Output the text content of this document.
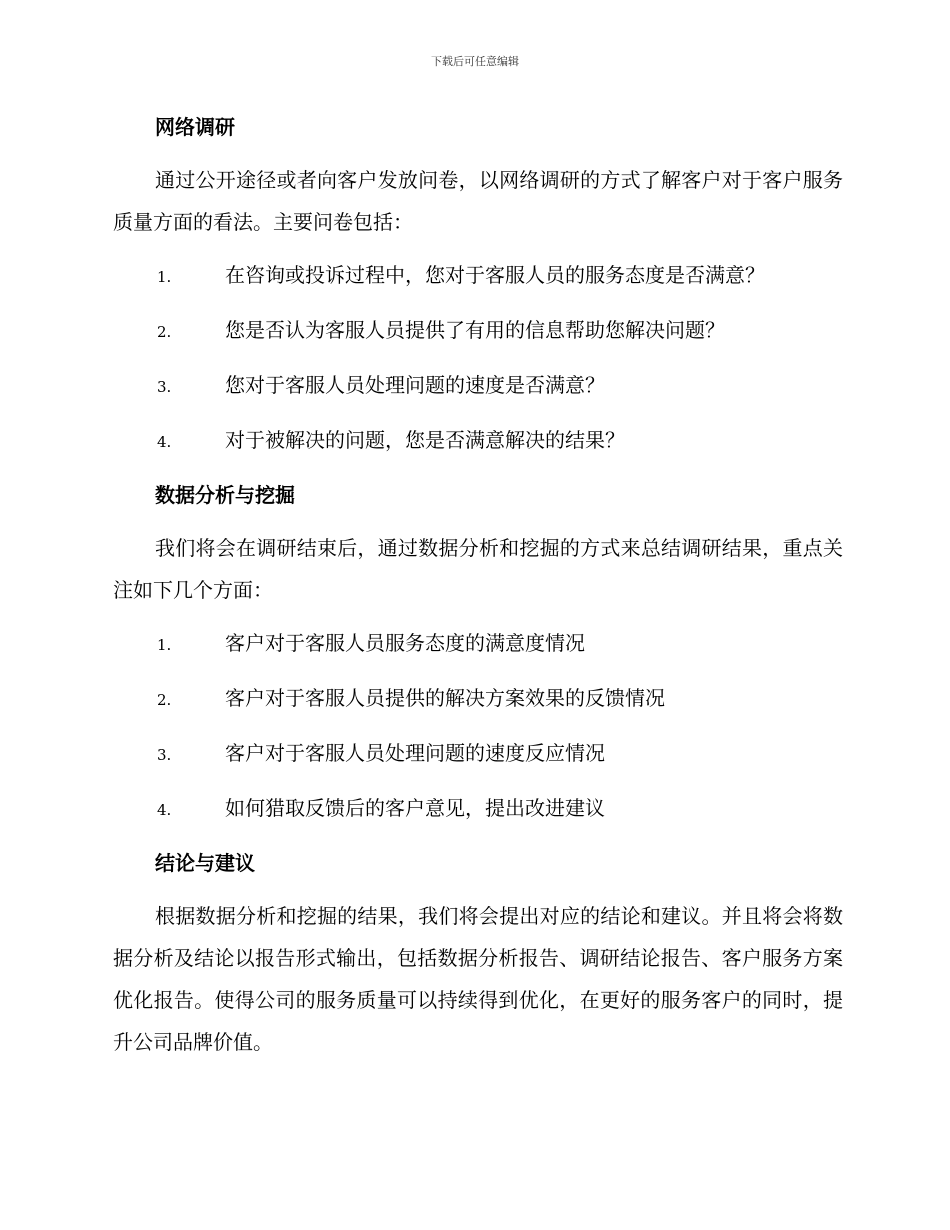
下载后可任意编辑
网络调研

通过公开途径或者向客户发放问卷，以网络调研的方式了解客户对于客户服务质量方面的看法。主要问卷包括：

1.	在咨询或投诉过程中，您对于客服人员的服务态度是否满意？
2.	您是否认为客服人员提供了有用的信息帮助您解决问题？
3.	您对于客服人员处理问题的速度是否满意？
4.	对于被解决的问题，您是否满意解决的结果？
数据分析与挖掘

我们将会在调研结束后，通过数据分析和挖掘的方式来总结调研结果，重点关注如下几个方面：

1.	客户对于客服人员服务态度的满意度情况
2.	客户对于客服人员提供的解决方案效果的反馈情况
3.	客户对于客服人员处理问题的速度反应情况
4.	如何猎取反馈后的客户意见，提出改进建议
结论与建议

根据数据分析和挖掘的结果，我们将会提出对应的结论和建议。并且将会将数据分析及结论以报告形式输出，包括数据分析报告、调研结论报告、客户服务方案优化报告。使得公司的服务质量可以持续得到优化，在更好的服务客户的同时，提升公司品牌价值。
